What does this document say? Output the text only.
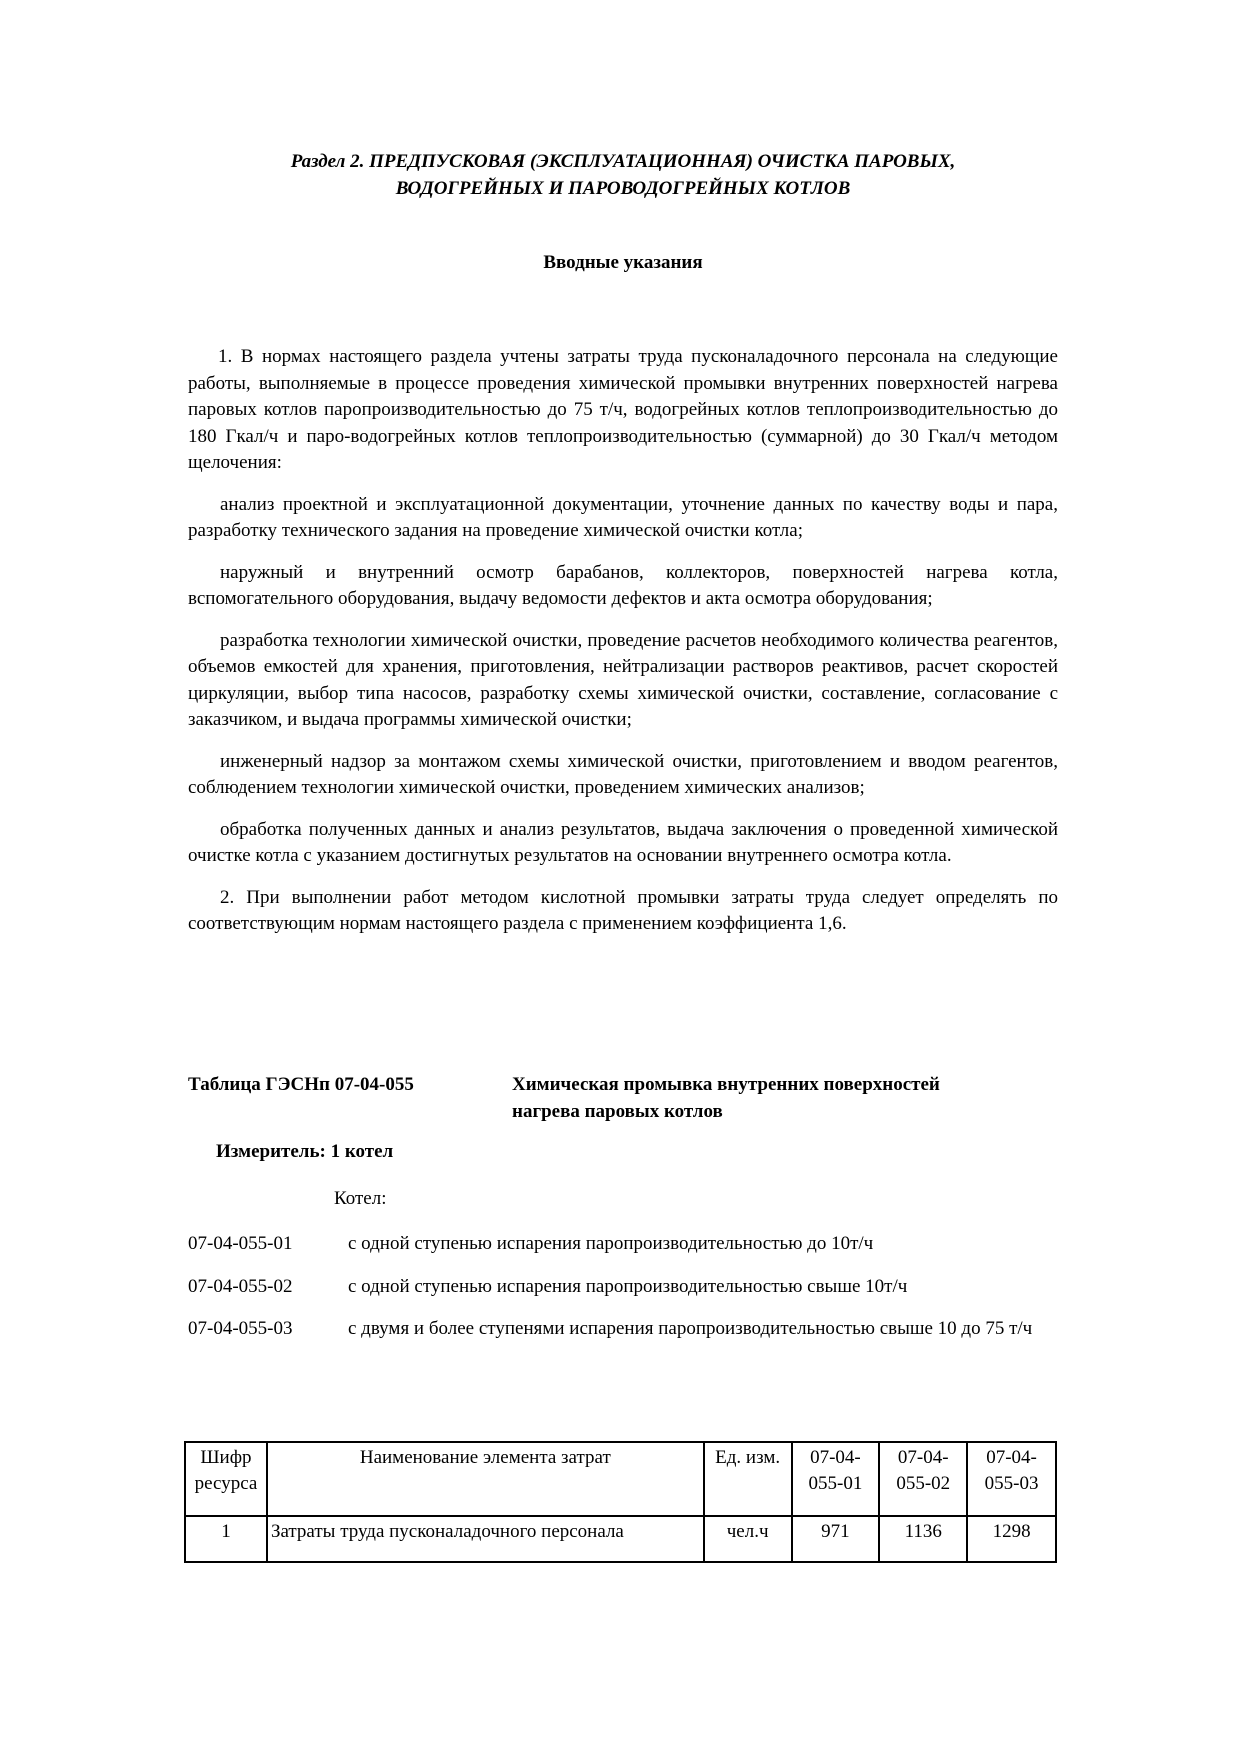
Раздел 2. ПРЕДПУСКОВАЯ (ЭКСПЛУАТАЦИОННАЯ) ОЧИСТКА ПАРОВЫХ,
ВОДОГРЕЙНЫХ И ПАРОВОДОГРЕЙНЫХ КОТЛОВ
Вводные указания

1. В нормах настоящего раздела учтены затраты труда пусконаладочного персонала на следующие работы, выполняемые в процессе проведения химической промывки внутренних поверхностей нагрева паровых котлов паропроизводительностью до 75 т/ч, водогрейных котлов теплопроизводительностью до 180 Гкал/ч и паро-водогрейных котлов теплопроизводительностью (суммарной) до 30 Гкал/ч методом щелочения:

анализ проектной и эксплуатационной документации, уточнение данных по качеству воды и пара, разработку технического задания на проведение химической очистки котла;

наружный и внутренний осмотр барабанов, коллекторов, поверхностей нагрева котла, вспомогательного оборудования, выдачу ведомости дефектов и акта осмотра оборудования;

разработка технологии химической очистки, проведение расчетов необходимого количества реагентов, объемов емкостей для хранения, приготовления, нейтрализации растворов реактивов, расчет скоростей циркуляции, выбор типа насосов, разработку схемы химической очистки, составление, согласование с заказчиком, и выдача программы химической очистки;

инженерный надзор за монтажом схемы химической очистки, приготовлением и вводом реагентов, соблюдением технологии химической очистки, проведением химических анализов;

обработка полученных данных и анализ результатов, выдача заключения о проведенной химической очистке котла с указанием достигнутых результатов на основании внутреннего осмотра котла.

2. При выполнении работ методом кислотной промывки затраты труда следует определять по соответствующим нормам настоящего раздела с применением коэффициента 1,6.

Таблица ГЭСНп 07-04-055	Химическая промывка внутренних поверхностей нагрева паровых котлов
Измеритель: 1 котел
Котел:
07-04-055-01	с одной ступенью испарения паропроизводительностью до 10т/ч
07-04-055-02	с одной ступенью испарения паропроизводительностью свыше 10т/ч
07-04-055-03	с двумя и более ступенями испарения паропроизводительностью свыше 10 до 75 т/ч
Шифр ресурса	Наименование элемента затрат	Ед. изм.	07-04-055-01	07-04-055-02	07-04-055-03
1	Затраты труда пусконаладочного персонала	чел.ч	971	1136	1298
